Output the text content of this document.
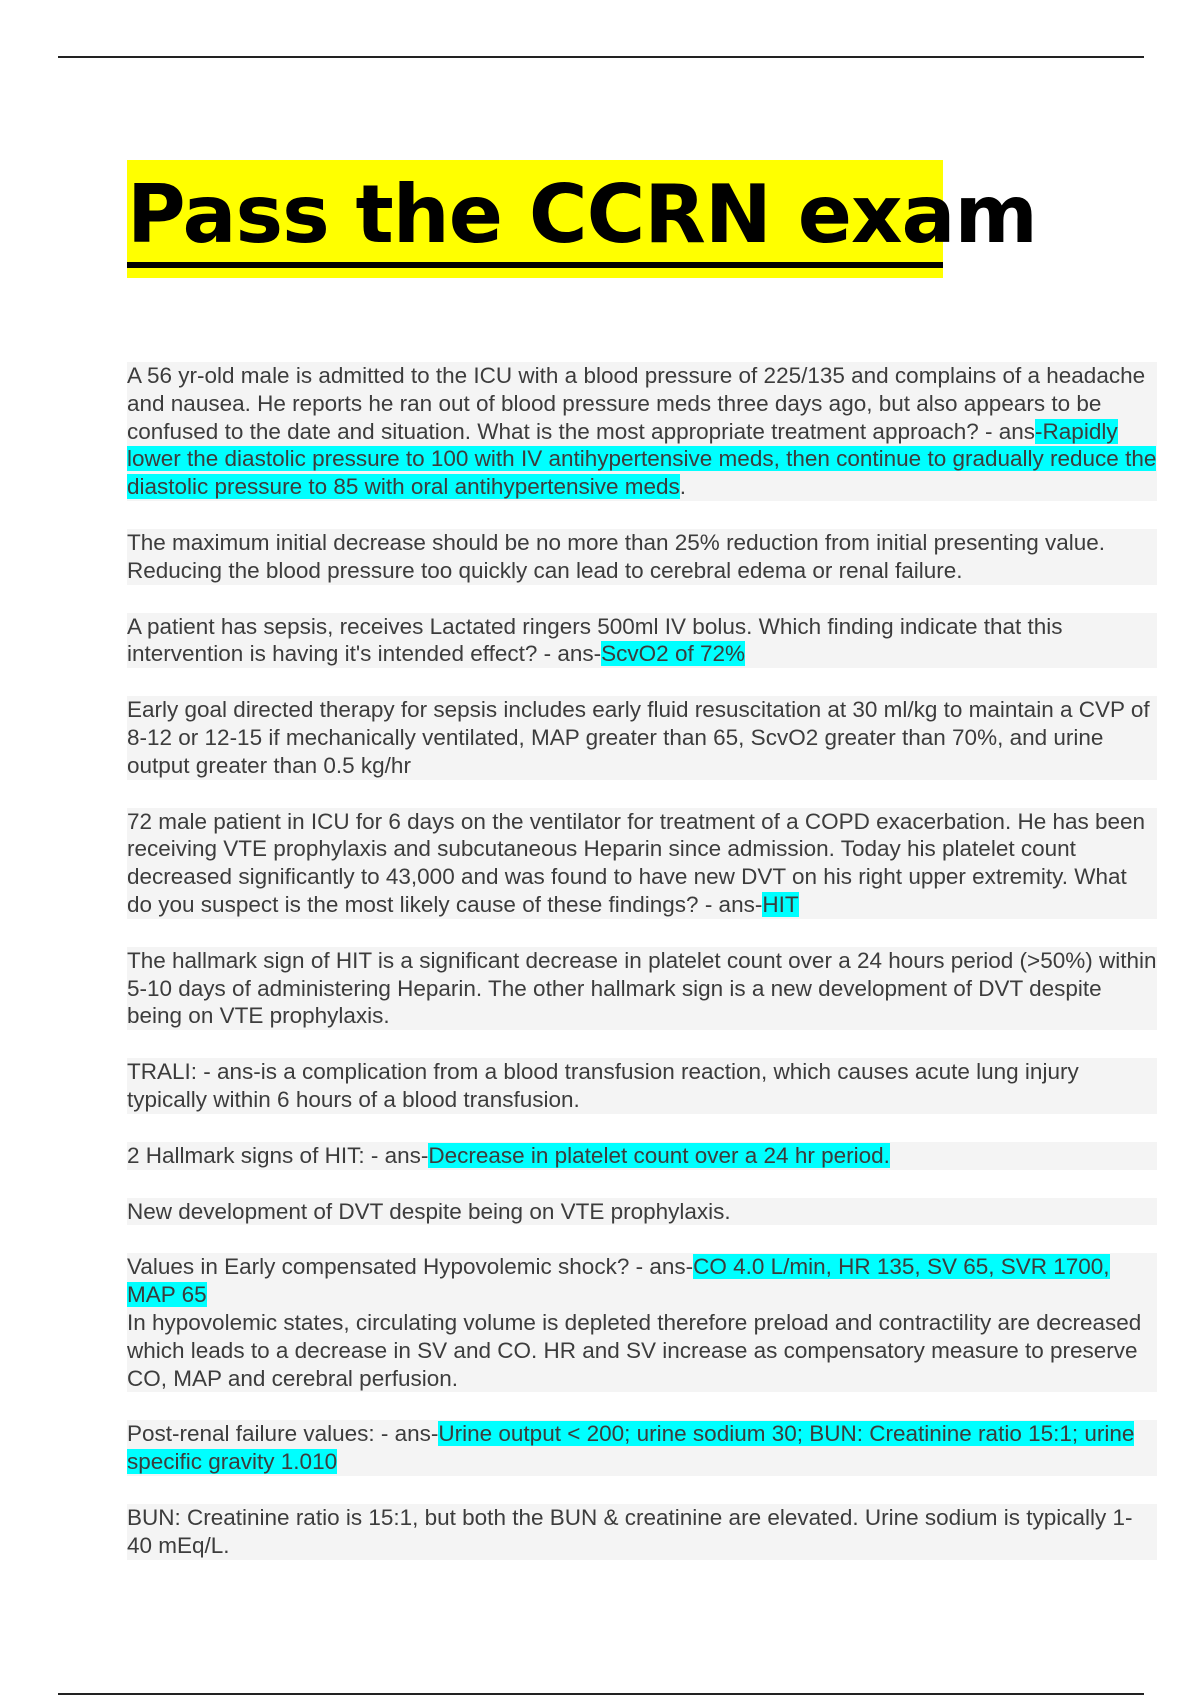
Pass the CCRN exam

A 56 yr-old male is admitted to the ICU with a blood pressure of 225/135 and complains of a headache and nausea. He reports he ran out of blood pressure meds three days ago, but also appears to be confused to the date and situation. What is the most appropriate treatment approach? - ans-Rapidly lower the diastolic pressure to 100 with IV antihypertensive meds, then continue to gradually reduce the diastolic pressure to 85 with oral antihypertensive meds.

The maximum initial decrease should be no more than 25% reduction from initial presenting value. Reducing the blood pressure too quickly can lead to cerebral edema or renal failure.

A patient has sepsis, receives Lactated ringers 500ml IV bolus. Which finding indicate that this intervention is having it's intended effect? - ans-ScvO2 of 72%

Early goal directed therapy for sepsis includes early fluid resuscitation at 30 ml/kg to maintain a CVP of 8-12 or 12-15 if mechanically ventilated, MAP greater than 65, ScvO2 greater than 70%, and urine output greater than 0.5 kg/hr

72 male patient in ICU for 6 days on the ventilator for treatment of a COPD exacerbation. He has been receiving VTE prophylaxis and subcutaneous Heparin since admission. Today his platelet count decreased significantly to 43,000 and was found to have new DVT on his right upper extremity. What do you suspect is the most likely cause of these findings? - ans-HIT

The hallmark sign of HIT is a significant decrease in platelet count over a 24 hours period (>50%) within 5-10 days of administering Heparin. The other hallmark sign is a new development of DVT despite being on VTE prophylaxis.

TRALI: - ans-is a complication from a blood transfusion reaction, which causes acute lung injury typically within 6 hours of a blood transfusion.

2 Hallmark signs of HIT: - ans-Decrease in platelet count over a 24 hr period.

New development of DVT despite being on VTE prophylaxis.

Values in Early compensated Hypovolemic shock? - ans-CO 4.0 L/min, HR 135, SV 65, SVR 1700, MAP 65

In hypovolemic states, circulating volume is depleted therefore preload and contractility are decreased which leads to a decrease in SV and CO. HR and SV increase as compensatory measure to preserve CO, MAP and cerebral perfusion.

Post-renal failure values: - ans-Urine output < 200; urine sodium 30; BUN: Creatinine ratio 15:1; urine specific gravity 1.010

BUN: Creatinine ratio is 15:1, but both the BUN & creatinine are elevated. Urine sodium is typically 1-40 mEq/L.
